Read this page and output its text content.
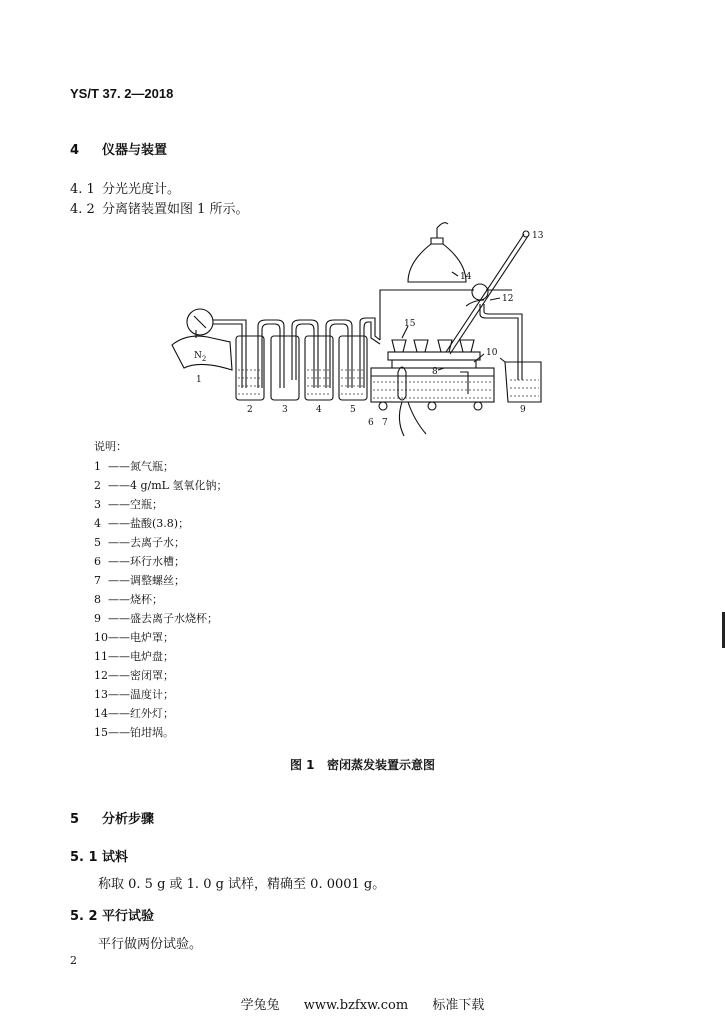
YS/T 37. 2—2018
4 仪器与装置
4. 1 分光光度计。
4. 2 分离锗装置如图 1 所示。
1
2	3	4	5
6 7
8
9
10
12
13
14
15
$N_2$
说明：
1 ——氮气瓶；
2 ——4 g/mL 氢氧化钠；
3 ——空瓶；
4 ——盐酸(3.8)；
5 ——去离子水；
6 ——环行水槽；
7 ——调整螺丝；
8 ——烧杯；
9 ——盛去离子水烧杯；
10——电炉罩；
11——电炉盘；
12——密闭罩；
13——温度计；
14——红外灯；
15——铂坩埚。
图 1 密闭蒸发装置示意图
5 分析步骤
5. 1 试料
称取 0. 5 g 或 1. 0 g 试样，精确至 0. 0001 g。
5. 2 平行试验
平行做两份试验。
2
学兔兔 www.bzfxw.com 标准下载
